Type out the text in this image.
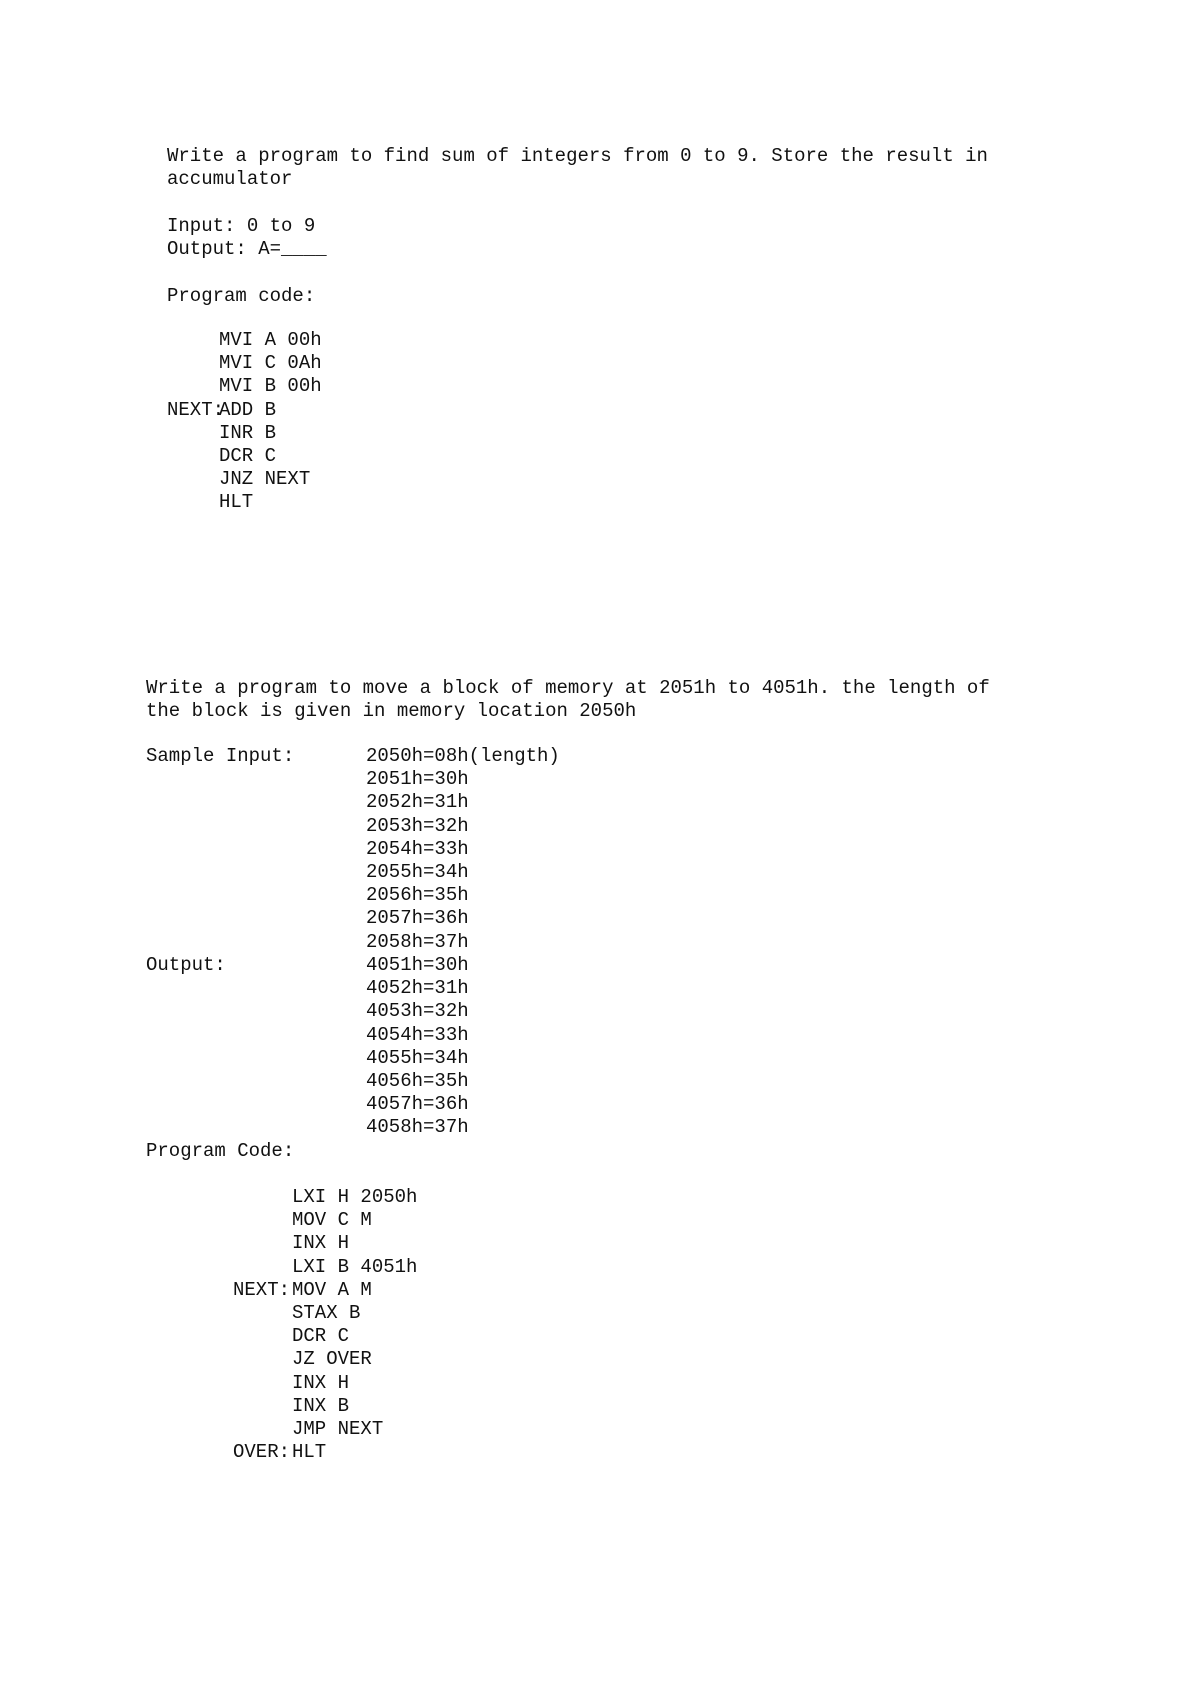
Write a program to find sum of integers from 0 to 9. Store the result in

accumulator

Input: 0 to 9

Output: A=____

Program code:

NEXT:
MVI A 00h
MVI C 0Ah
MVI B 00h
ADD B
INR B
DCR C
JNZ NEXT
HLT

Write a program to move a block of memory at 2051h to 4051h. the length of

the block is given in memory location 2050h

Sample Input:	2050h=08h(length)
2051h=30h
2052h=31h
2053h=32h
2054h=33h
2055h=34h
2056h=35h
2057h=36h
2058h=37h

Output:	4051h=30h
4052h=31h
4053h=32h
4054h=33h
4055h=34h
4056h=35h
4057h=36h
4058h=37h

Program Code:

NEXT:
OVER:
LXI H 2050h
MOV C M
INX H
LXI B 4051h
MOV A M
STAX B
DCR C
JZ OVER
INX H
INX B
JMP NEXT
HLT
